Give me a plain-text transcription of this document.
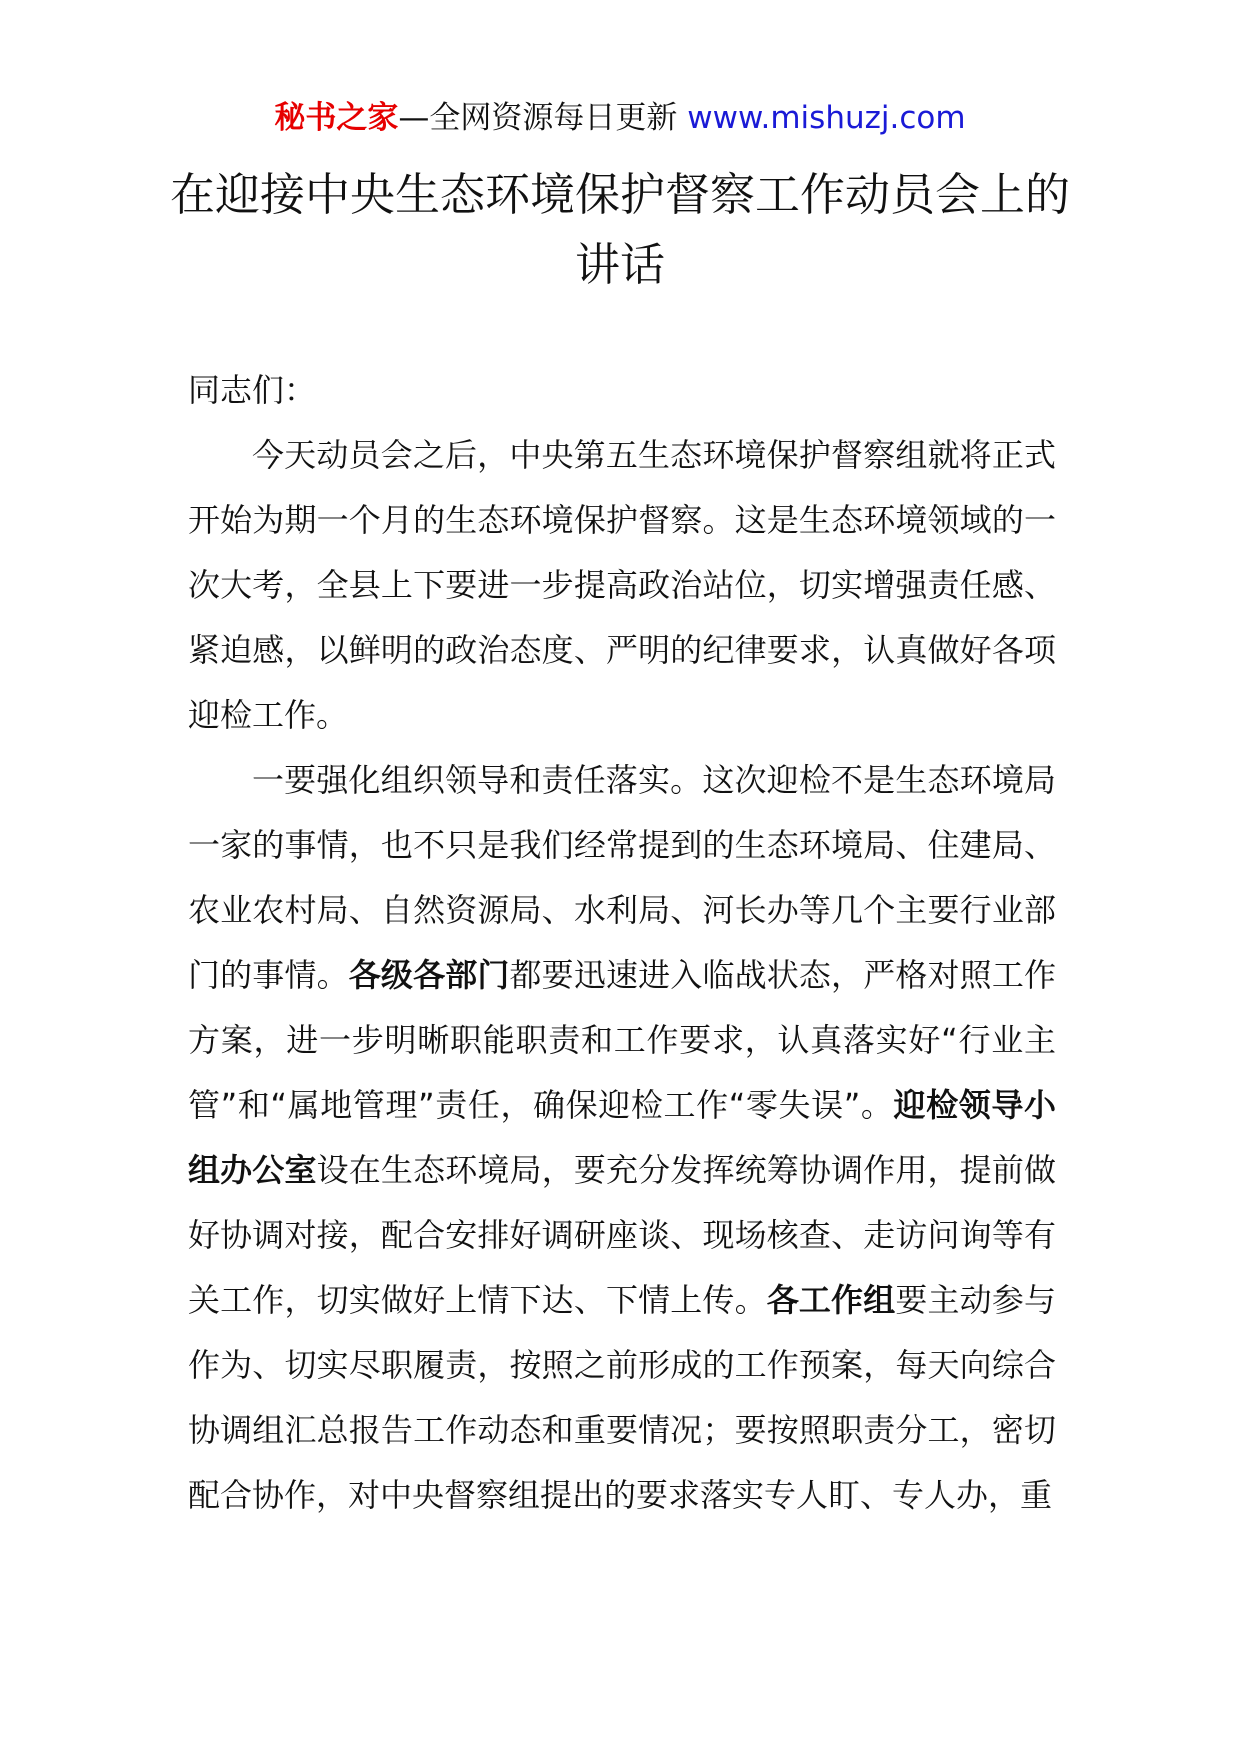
秘书之家—全网资源每日更新 www.mishuzj.com
在迎接中央生态环境保护督察工作动员会上的讲话

同志们：

今天动员会之后，中央第五生态环境保护督察组就将正式开始为期一个月的生态环境保护督察。这是生态环境领域的一次大考，全县上下要进一步提高政治站位，切实增强责任感、紧迫感，以鲜明的政治态度、严明的纪律要求，认真做好各项迎检工作。

一要强化组织领导和责任落实。这次迎检不是生态环境局一家的事情，也不只是我们经常提到的生态环境局、住建局、农业农村局、自然资源局、水利局、河长办等几个主要行业部门的事情。各级各部门都要迅速进入临战状态，严格对照工作方案，进一步明晰职能职责和工作要求，认真落实好“行业主管”和“属地管理”责任，确保迎检工作“零失误”。迎检领导小组办公室设在生态环境局，要充分发挥统筹协调作用，提前做好协调对接，配合安排好调研座谈、现场核查、走访问询等有关工作，切实做好上情下达、下情上传。各工作组要主动参与作为、切实尽职履责，按照之前形成的工作预案，每天向综合协调组汇总报告工作动态和重要情况；要按照职责分工，密切配合协作，对中央督察组提出的要求落实专人盯、专人办，重
